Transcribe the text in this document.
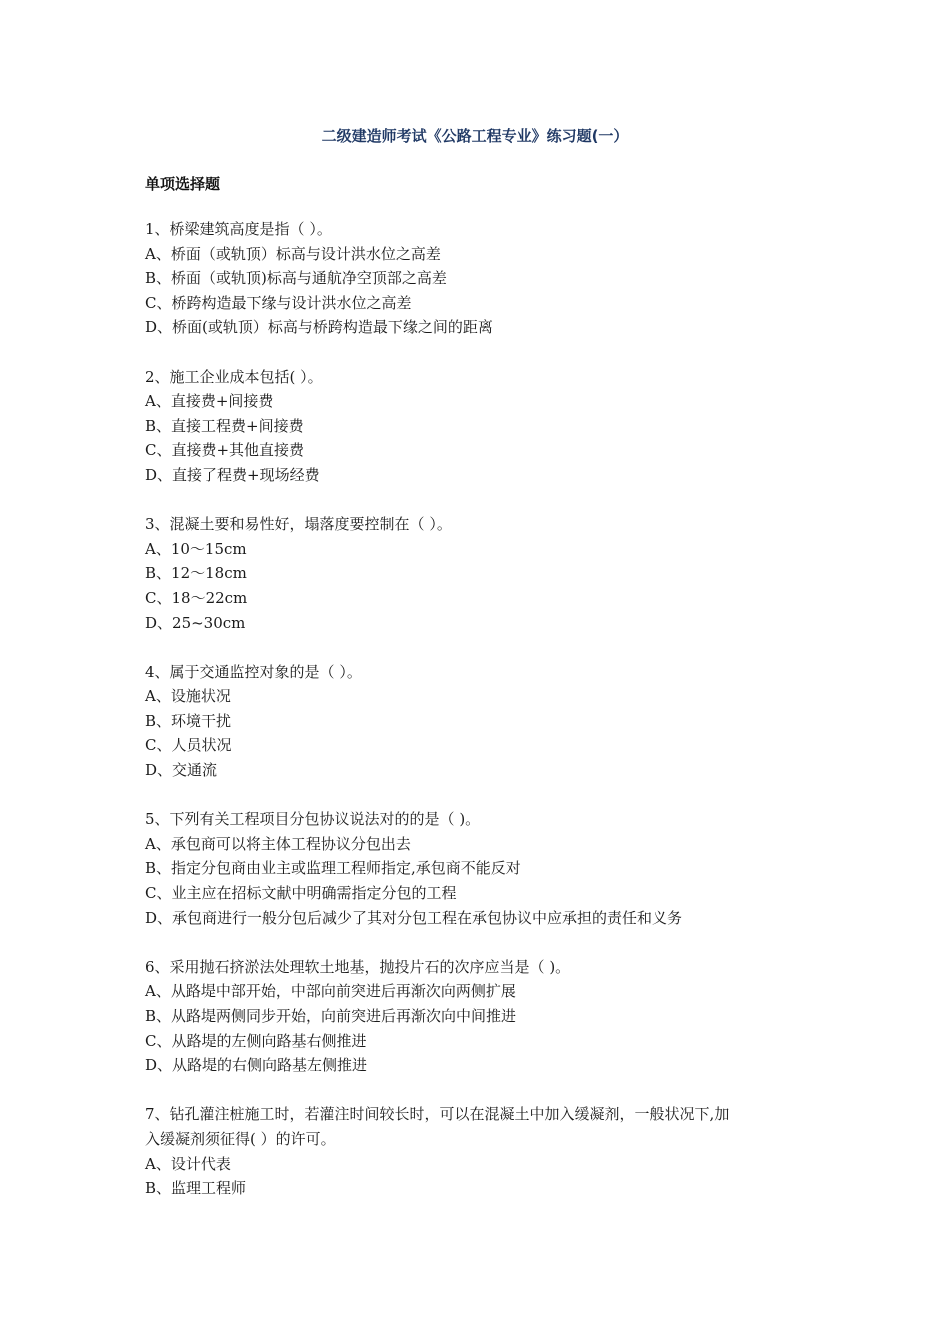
二级建造师考试《公路工程专业》练习题(一）
单项选择题
1、桥梁建筑高度是指（ ）。
A、桥面（或轨顶）标高与设计洪水位之高差
B、桥面（或轨顶)标高与通航净空顶部之高差
C、桥跨构造最下缘与设计洪水位之高差
D、桥面(或轨顶）标高与桥跨构造最下缘之间的距离
2、施工企业成本包括( ）。
A、直接费+间接费
B、直接工程费+间接费
C、直接费+其他直接费
D、直接了程费+现场经费
3、混凝土要和易性好，塌落度要控制在（ ）。
A、10～15cm
B、12～18cm
C、18～22cm
D、25~30cm
4、属于交通监控对象的是（ ）。
A、设施状况
B、环境干扰
C、人员状况
D、交通流
5、下列有关工程项目分包协议说法对的的是（ )。
A、承包商可以将主体工程协议分包出去
B、指定分包商由业主或监理工程师指定,承包商不能反对
C、业主应在招标文献中明确需指定分包的工程
D、承包商进行一般分包后减少了其对分包工程在承包协议中应承担的责任和义务
6、采用抛石挤淤法处理软土地基，抛投片石的次序应当是（ )。
A、从路堤中部开始，中部向前突进后再渐次向两侧扩展
B、从路堤两侧同步开始，向前突进后再渐次向中间推进
C、从路堤的左侧向路基右侧推进
D、从路堤的右侧向路基左侧推进
7、钻孔灌注桩施工时，若灌注时间较长时，可以在混凝土中加入缓凝剂，一般状况下,加
入缓凝剂须征得( ）的许可。
A、设计代表
B、监理工程师
